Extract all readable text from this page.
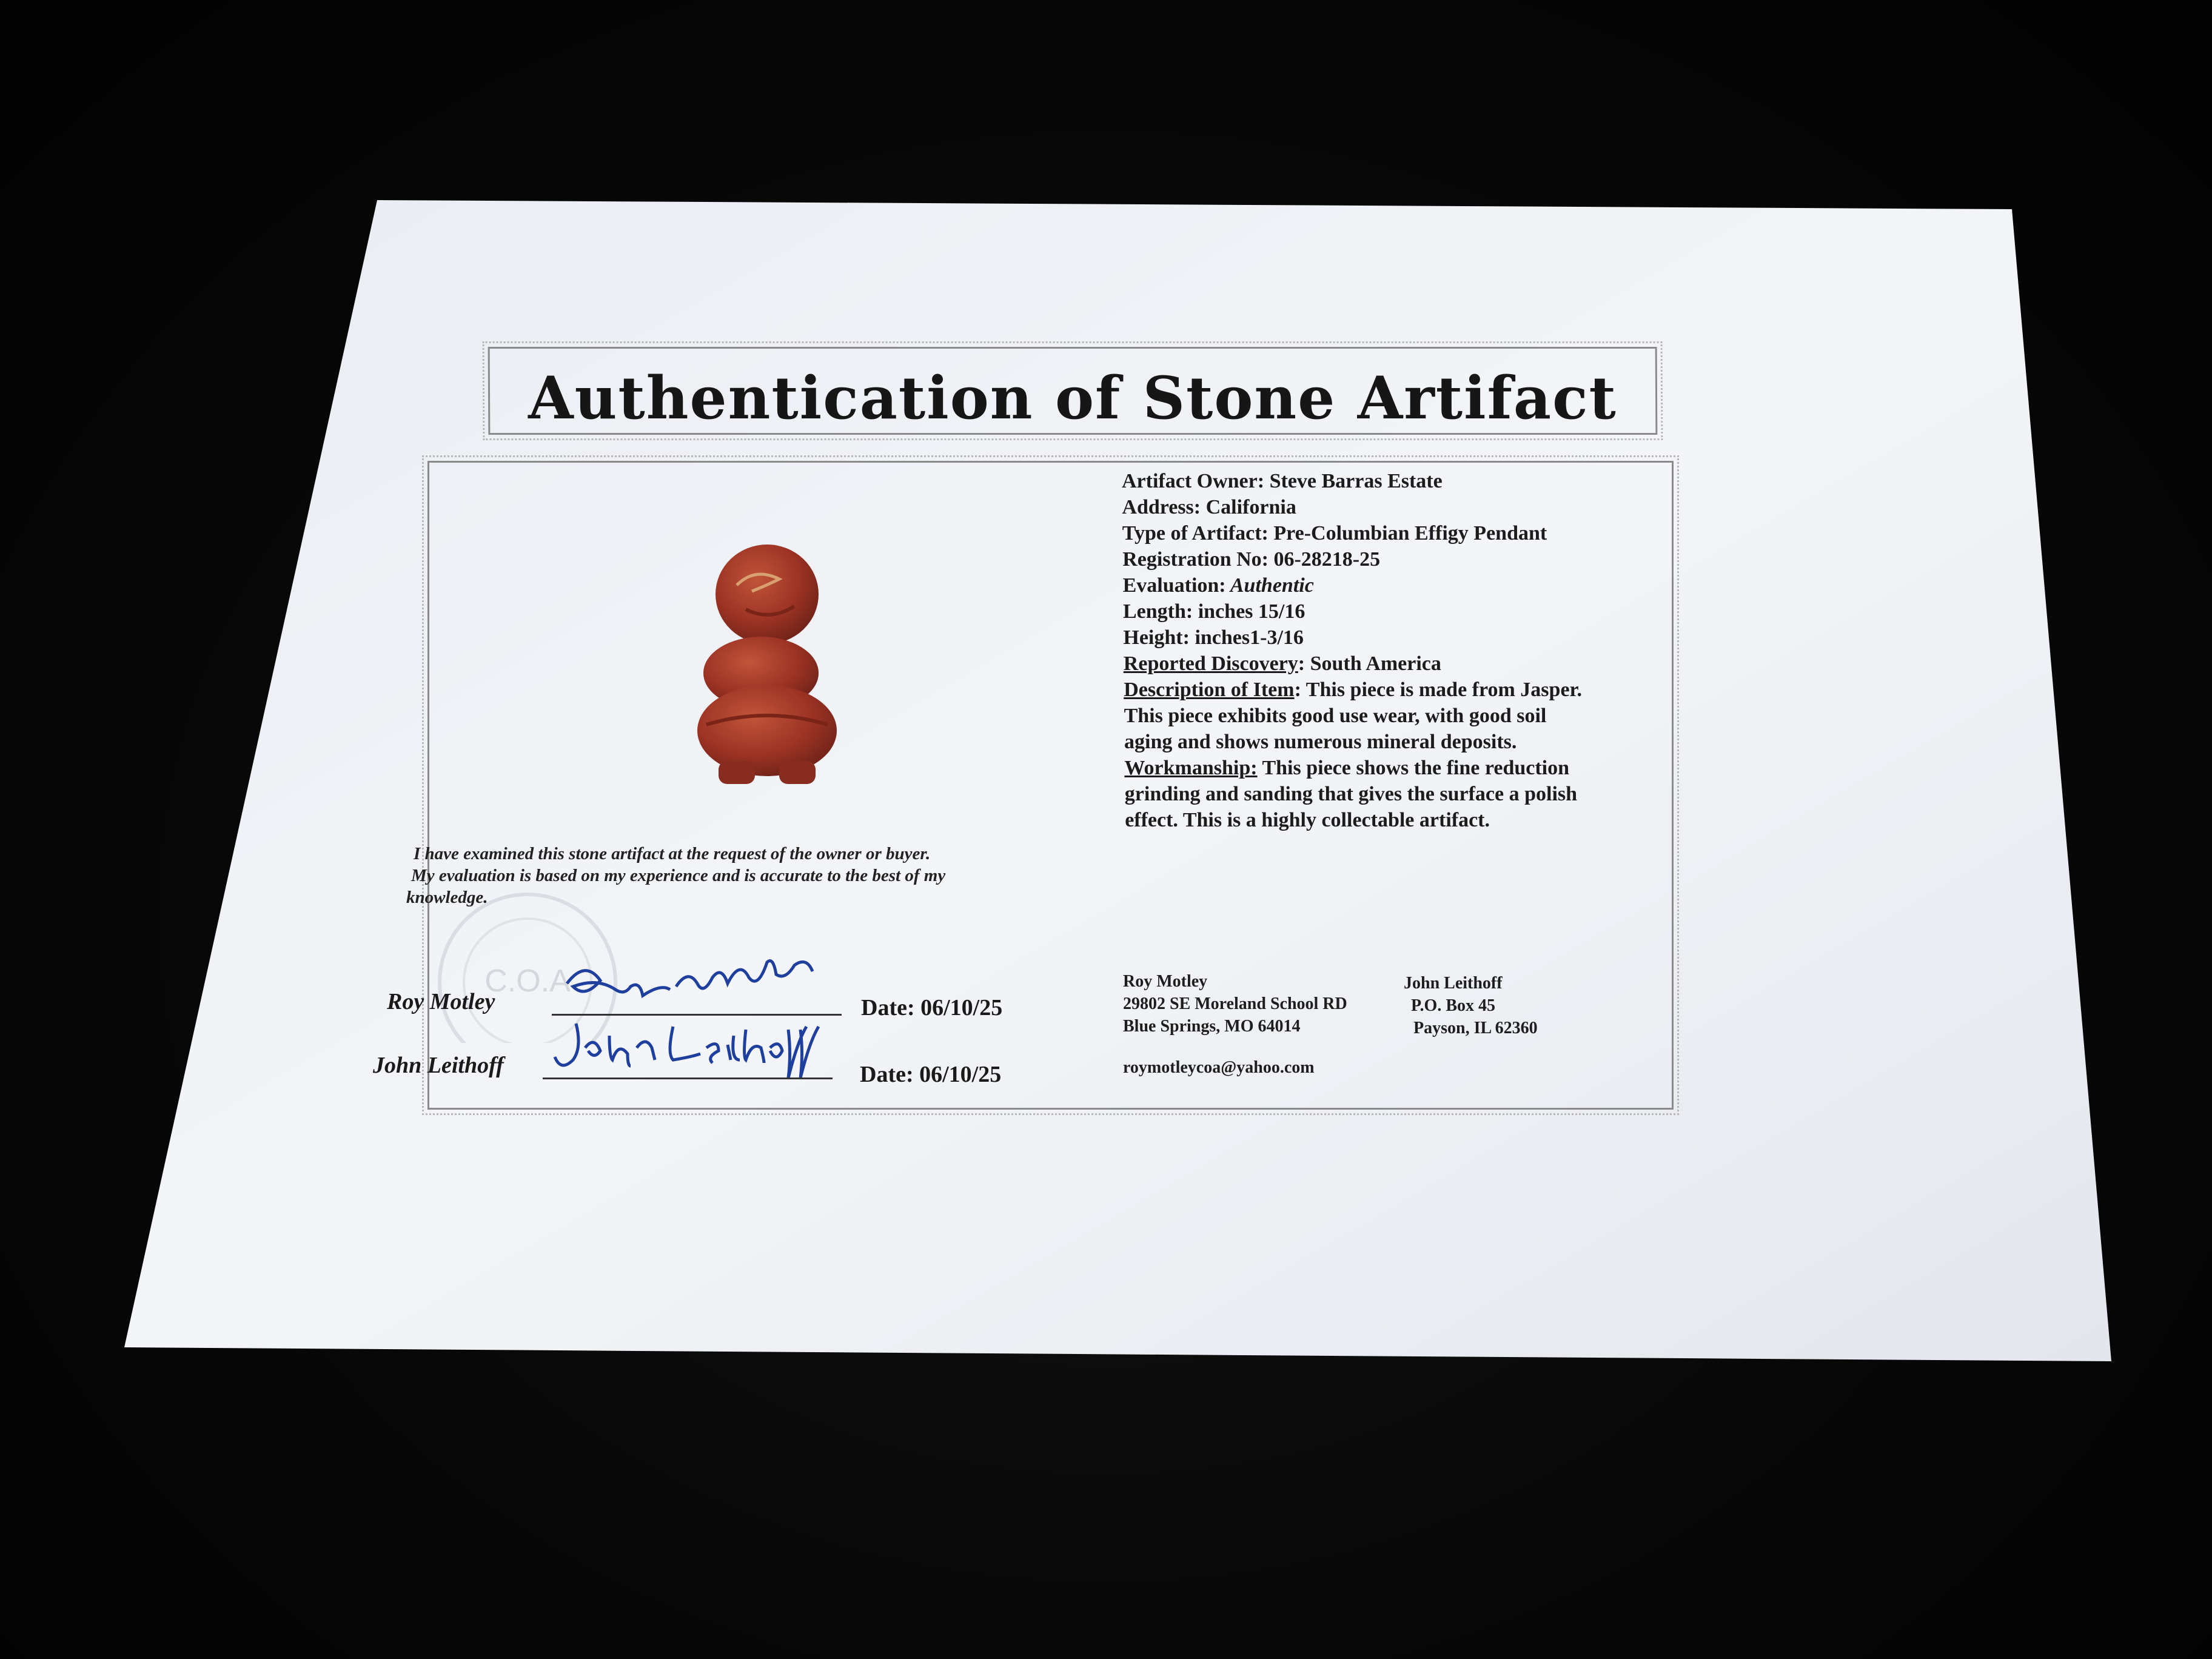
Authentication of Stone Artifact
Artifact Owner: Steve Barras Estate
Address: California
Type of Artifact: Pre-Columbian Effigy Pendant
Registration No: 06-28218-25
Evaluation: Authentic
Length: inches 15/16
Height: inches1-3/16
Reported Discovery: South America
Description of Item: This piece is made from Jasper.
This piece exhibits good use wear, with good soil
aging and shows numerous mineral deposits.
Workmanship: This piece shows the fine reduction
grinding and sanding that gives the surface a polish
effect. This is a highly collectable artifact.
I have examined this stone artifact at the request of the owner or buyer.
My evaluation is based on my experience and is accurate to the best of my
knowledge.
C.O.A
Roy Motley	Date: 06/10/25
John Leithoff	Date: 06/10/25
Roy Motley
29802 SE Moreland School RD
Blue Springs, MO 64014
John Leithoff
P.O. Box 45
Payson, IL 62360
roymotleycoa@yahoo.com
